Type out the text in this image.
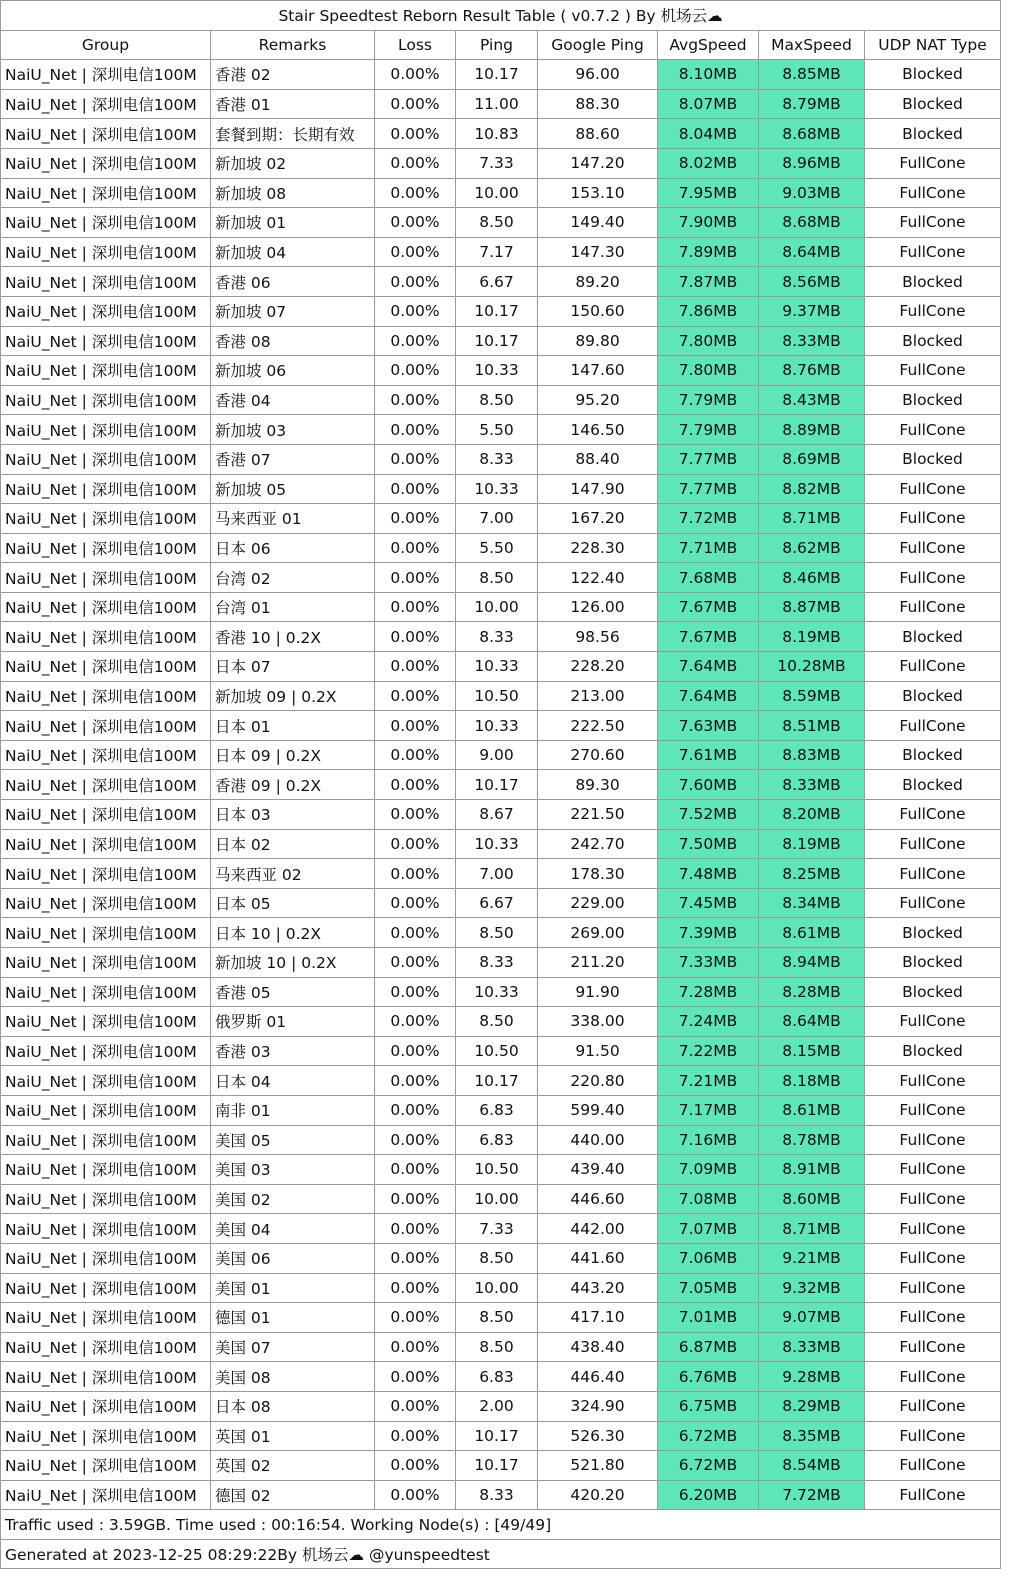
Stair Speedtest Reborn Result Table ( v0.7.2 ) By 机场云☁							
Group	Remarks	Loss	Ping	Google Ping	AvgSpeed	MaxSpeed	UDP NAT Type
NaiU_Net | 深圳电信100M	香港 02	0.00%	10.17	96.00	8.10MB	8.85MB	Blocked
NaiU_Net | 深圳电信100M	香港 01	0.00%	11.00	88.30	8.07MB	8.79MB	Blocked
NaiU_Net | 深圳电信100M	套餐到期：长期有效	0.00%	10.83	88.60	8.04MB	8.68MB	Blocked
NaiU_Net | 深圳电信100M	新加坡 02	0.00%	7.33	147.20	8.02MB	8.96MB	FullCone
NaiU_Net | 深圳电信100M	新加坡 08	0.00%	10.00	153.10	7.95MB	9.03MB	FullCone
NaiU_Net | 深圳电信100M	新加坡 01	0.00%	8.50	149.40	7.90MB	8.68MB	FullCone
NaiU_Net | 深圳电信100M	新加坡 04	0.00%	7.17	147.30	7.89MB	8.64MB	FullCone
NaiU_Net | 深圳电信100M	香港 06	0.00%	6.67	89.20	7.87MB	8.56MB	Blocked
NaiU_Net | 深圳电信100M	新加坡 07	0.00%	10.17	150.60	7.86MB	9.37MB	FullCone
NaiU_Net | 深圳电信100M	香港 08	0.00%	10.17	89.80	7.80MB	8.33MB	Blocked
NaiU_Net | 深圳电信100M	新加坡 06	0.00%	10.33	147.60	7.80MB	8.76MB	FullCone
NaiU_Net | 深圳电信100M	香港 04	0.00%	8.50	95.20	7.79MB	8.43MB	Blocked
NaiU_Net | 深圳电信100M	新加坡 03	0.00%	5.50	146.50	7.79MB	8.89MB	FullCone
NaiU_Net | 深圳电信100M	香港 07	0.00%	8.33	88.40	7.77MB	8.69MB	Blocked
NaiU_Net | 深圳电信100M	新加坡 05	0.00%	10.33	147.90	7.77MB	8.82MB	FullCone
NaiU_Net | 深圳电信100M	马来西亚 01	0.00%	7.00	167.20	7.72MB	8.71MB	FullCone
NaiU_Net | 深圳电信100M	日本 06	0.00%	5.50	228.30	7.71MB	8.62MB	FullCone
NaiU_Net | 深圳电信100M	台湾 02	0.00%	8.50	122.40	7.68MB	8.46MB	FullCone
NaiU_Net | 深圳电信100M	台湾 01	0.00%	10.00	126.00	7.67MB	8.87MB	FullCone
NaiU_Net | 深圳电信100M	香港 10 | 0.2X	0.00%	8.33	98.56	7.67MB	8.19MB	Blocked
NaiU_Net | 深圳电信100M	日本 07	0.00%	10.33	228.20	7.64MB	10.28MB	FullCone
NaiU_Net | 深圳电信100M	新加坡 09 | 0.2X	0.00%	10.50	213.00	7.64MB	8.59MB	Blocked
NaiU_Net | 深圳电信100M	日本 01	0.00%	10.33	222.50	7.63MB	8.51MB	FullCone
NaiU_Net | 深圳电信100M	日本 09 | 0.2X	0.00%	9.00	270.60	7.61MB	8.83MB	Blocked
NaiU_Net | 深圳电信100M	香港 09 | 0.2X	0.00%	10.17	89.30	7.60MB	8.33MB	Blocked
NaiU_Net | 深圳电信100M	日本 03	0.00%	8.67	221.50	7.52MB	8.20MB	FullCone
NaiU_Net | 深圳电信100M	日本 02	0.00%	10.33	242.70	7.50MB	8.19MB	FullCone
NaiU_Net | 深圳电信100M	马来西亚 02	0.00%	7.00	178.30	7.48MB	8.25MB	FullCone
NaiU_Net | 深圳电信100M	日本 05	0.00%	6.67	229.00	7.45MB	8.34MB	FullCone
NaiU_Net | 深圳电信100M	日本 10 | 0.2X	0.00%	8.50	269.00	7.39MB	8.61MB	Blocked
NaiU_Net | 深圳电信100M	新加坡 10 | 0.2X	0.00%	8.33	211.20	7.33MB	8.94MB	Blocked
NaiU_Net | 深圳电信100M	香港 05	0.00%	10.33	91.90	7.28MB	8.28MB	Blocked
NaiU_Net | 深圳电信100M	俄罗斯 01	0.00%	8.50	338.00	7.24MB	8.64MB	FullCone
NaiU_Net | 深圳电信100M	香港 03	0.00%	10.50	91.50	7.22MB	8.15MB	Blocked
NaiU_Net | 深圳电信100M	日本 04	0.00%	10.17	220.80	7.21MB	8.18MB	FullCone
NaiU_Net | 深圳电信100M	南非 01	0.00%	6.83	599.40	7.17MB	8.61MB	FullCone
NaiU_Net | 深圳电信100M	美国 05	0.00%	6.83	440.00	7.16MB	8.78MB	FullCone
NaiU_Net | 深圳电信100M	美国 03	0.00%	10.50	439.40	7.09MB	8.91MB	FullCone
NaiU_Net | 深圳电信100M	美国 02	0.00%	10.00	446.60	7.08MB	8.60MB	FullCone
NaiU_Net | 深圳电信100M	美国 04	0.00%	7.33	442.00	7.07MB	8.71MB	FullCone
NaiU_Net | 深圳电信100M	美国 06	0.00%	8.50	441.60	7.06MB	9.21MB	FullCone
NaiU_Net | 深圳电信100M	美国 01	0.00%	10.00	443.20	7.05MB	9.32MB	FullCone
NaiU_Net | 深圳电信100M	德国 01	0.00%	8.50	417.10	7.01MB	9.07MB	FullCone
NaiU_Net | 深圳电信100M	美国 07	0.00%	8.50	438.40	6.87MB	8.33MB	FullCone
NaiU_Net | 深圳电信100M	美国 08	0.00%	6.83	446.40	6.76MB	9.28MB	FullCone
NaiU_Net | 深圳电信100M	日本 08	0.00%	2.00	324.90	6.75MB	8.29MB	FullCone
NaiU_Net | 深圳电信100M	英国 01	0.00%	10.17	526.30	6.72MB	8.35MB	FullCone
NaiU_Net | 深圳电信100M	英国 02	0.00%	10.17	521.80	6.72MB	8.54MB	FullCone
NaiU_Net | 深圳电信100M	德国 02	0.00%	8.33	420.20	6.20MB	7.72MB	FullCone
Traffic used : 3.59GB. Time used : 00:16:54. Working Node(s) : [49/49]							
Generated at 2023-12-25 08:29:22By 机场云☁ @yunspeedtest							
